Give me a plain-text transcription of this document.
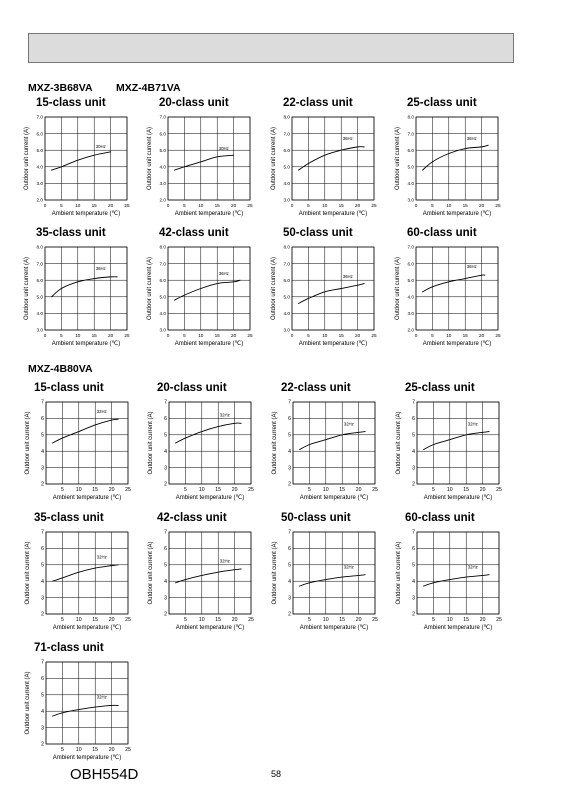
MXZ-3B68VA MXZ-4B71VA
MXZ-4B80VA
15-class unit
0	5	10 15 20 25
2.0
3.0
4.0
5.0
6.0
7.0
Ambient temperature (℃)
Outdoor unit current (A)	30Hz
20-class unit
0	5	10 15 20 25
2.0
3.0
4.0
5.0
6.0
7.0
Ambient temperature (℃)
Outdoor unit current (A)	30Hz
22-class unit
0	5	10 15 20 25
3.0
4.0
5.0
6.0
7.0
8.0
Ambient temperature (℃)
Outdoor unit current (A)	36Hz
25-class unit
0	5	10 15 20 25
3.0
4.0
5.0
6.0
7.0
8.0
Ambient temperature (℃)
Outdoor unit current (A)	36Hz
35-class unit
0	5	10 15 20 25
3.0
4.0
5.0
6.0
7.0
8.0
Ambient temperature (℃)
Outdoor unit current (A)	36Hz
42-class unit
0	5	10 15 20 25
3.0
4.0
5.0
6.0
7.0
8.0
Ambient temperature (℃)
Outdoor unit current (A)	36Hz
50-class unit
0	5	10 15 20 25
3.0
4.0
5.0
6.0
7.0
8.0
Ambient temperature (℃)
Outdoor unit current (A)	36Hz
60-class unit
0	5	10 15 20 25
2.0
3.0
4.0
5.0
6.0
7.0
Ambient temperature (℃)
Outdoor unit current (A)	36Hz
15-class unit
5 10 15 20 25
2
3
4
5
6
7
Ambient temperature (℃)
Outdoor unit current (A)	32Hz
20-class unit
5 10 15 20 25
2
3
4
5
6
7
Ambient temperature (℃)
Outdoor unit current (A)	32Hz
22-class unit
5 10 15 20 25
2
3
4
5
6
7
Ambient temperature (℃)
Outdoor unit current (A)	32Hz
25-class unit
5 10 15 20 25
2
3
4
5
6
7
Ambient temperature (℃)
Outdoor unit current (A)	32Hz
35-class unit
5 10 15 20 25
2
3
4
5
6
7
Ambient temperature (℃)
Outdoor unit current (A)	32Hz
42-class unit
5 10 15 20 25
2
3
4
5
6
7
Ambient temperature (℃)
Outdoor unit current (A)	32Hz
50-class unit
5 10 15 20 25
2
3
4
5
6
7
Ambient temperature (℃)
Outdoor unit current (A)	32Hz
60-class unit
5 10 15 20 25
2
3
4
5
6
7
Ambient temperature (℃)
Outdoor unit current (A)	32Hz
71-class unit
5 10 15 20 25
2
3
4
5
6
7
Ambient temperature (℃)
Outdoor unit current (A)	32Hz
OBH554D	58
